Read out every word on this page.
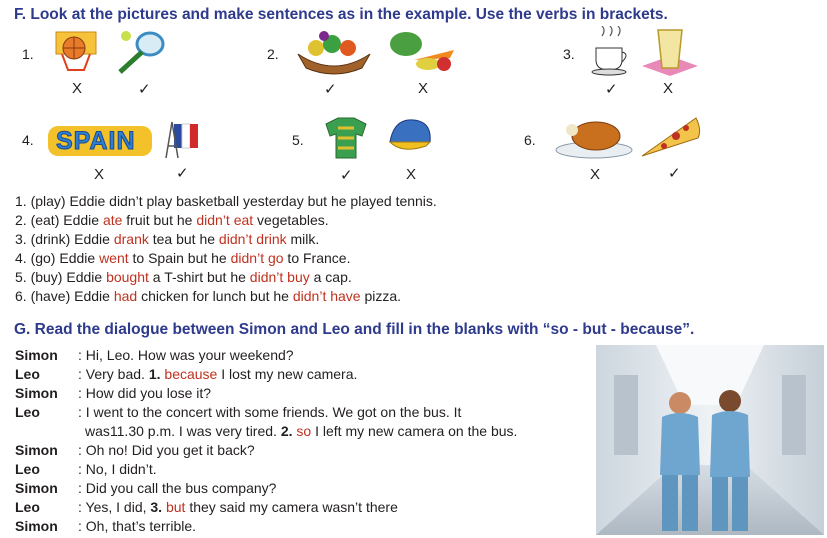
F. Look at the pictures and make sentences as in the example. Use the verbs in brackets.
1.
X	✓
2.
✓	X
3.
✓	X
4. SPAIN
X	✓
5.
✓	X
6.
X	✓
1. (play) Eddie didn’t play basketball yesterday but he played tennis.
2. (eat) Eddie ate fruit but he didn’t eat vegetables.
3. (drink) Eddie drank tea but he didn’t drink milk.
4. (go) Eddie went to Spain but he didn’t go to France.
5. (buy) Eddie bought a T-shirt but he didn’t buy a cap.
6. (have) Eddie had chicken for lunch but he didn’t have pizza.
G. Read the dialogue between Simon and Leo and fill in the blanks with “so - but - because”.
Simon : Hi, Leo. How was your weekend?
Leo	: Very bad. 1. because I lost my new camera.
Simon : How did you lose it?
Leo	: I went to the concert with some friends. We got on the bus. It
was11.30 p.m. I was very tired. 2. so I left my new camera on the bus.
Simon : Oh no! Did you get it back?
Leo	: No, I didn’t.
Simon : Did you call the bus company?
Leo	: Yes, I did, 3. but they said my camera wasn’t there
Simon : Oh, that’s terrible.
